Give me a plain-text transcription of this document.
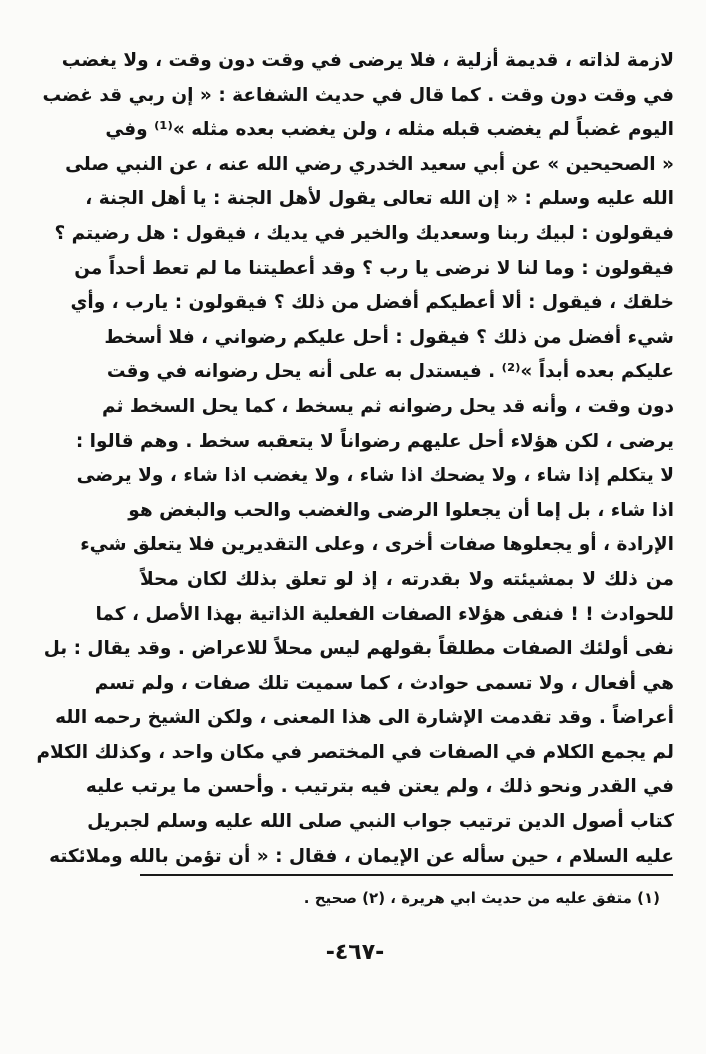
لازمة لذاته ، قديمة أزلية ، فلا يرضى في وقت دون وقت ، ولا يغضب
في وقت دون وقت . كما قال في حديث الشفاعة : « إن ربي قد غضب
اليوم غضباً لم يغضب قبله مثله ، ولن يغضب بعده مثله »⁽¹⁾ وفي
« الصحيحين » عن أبي سعيد الخدري رضي الله عنه ، عن النبي صلى
الله عليه وسلم : « إن الله تعالى يقول لأهل الجنة : يا أهل الجنة ،
فيقولون : لبيك ربنا وسعديك والخير في يديك ، فيقول : هل رضيتم ؟
فيقولون : وما لنا لا نرضى يا رب ؟ وقد أعطيتنا ما لم تعط أحداً من
خلقك ، فيقول : ألا أعطيكم أفضل من ذلك ؟ فيقولون : يارب ، وأي
شيء أفضل من ذلك ؟ فيقول : أحل عليكم رضواني ، فلا أسخط
عليكم بعده أبداً »⁽²⁾ . فيستدل به على أنه يحل رضوانه في وقت
دون وقت ، وأنه قد يحل رضوانه ثم يسخط ، كما يحل السخط ثم
يرضى ، لكن هؤلاء أحل عليهم رضواناً لا يتعقبه سخط . وهم قالوا :
لا يتكلم إذا شاء ، ولا يضحك اذا شاء ، ولا يغضب اذا شاء ، ولا يرضى
اذا شاء ، بل إما أن يجعلوا الرضى والغضب والحب والبغض هو
الإرادة ، أو يجعلوها صفات أخرى ، وعلى التقديرين فلا يتعلق شيء
من ذلك لا بمشيئته ولا بقدرته ، إذ لو تعلق بذلك لكان محلاً
للحوادث ! ! فنفى هؤلاء الصفات الفعلية الذاتية بهذا الأصل ، كما
نفى أولئك الصفات مطلقاً بقولهم ليس محلاً للاعراض . وقد يقال : بل
هي أفعال ، ولا تسمى حوادث ، كما سميت تلك صفات ، ولم تسم
أعراضاً . وقد تقدمت الإشارة الى هذا المعنى ، ولكن الشيخ رحمه الله
لم يجمع الكلام في الصفات في المختصر في مكان واحد ، وكذلك الكلام
في القدر ونحو ذلك ، ولم يعتن فيه بترتيب . وأحسن ما يرتب عليه
كتاب أصول الدين ترتيب جواب النبي صلى الله عليه وسلم لجبريل
عليه السلام ، حين سأله عن الإيمان ، فقال : « أن تؤمن بالله وملائكته
(١) متفق عليه من حديث ابي هريرة ، (٢) صحيح .
-٤٦٧-
